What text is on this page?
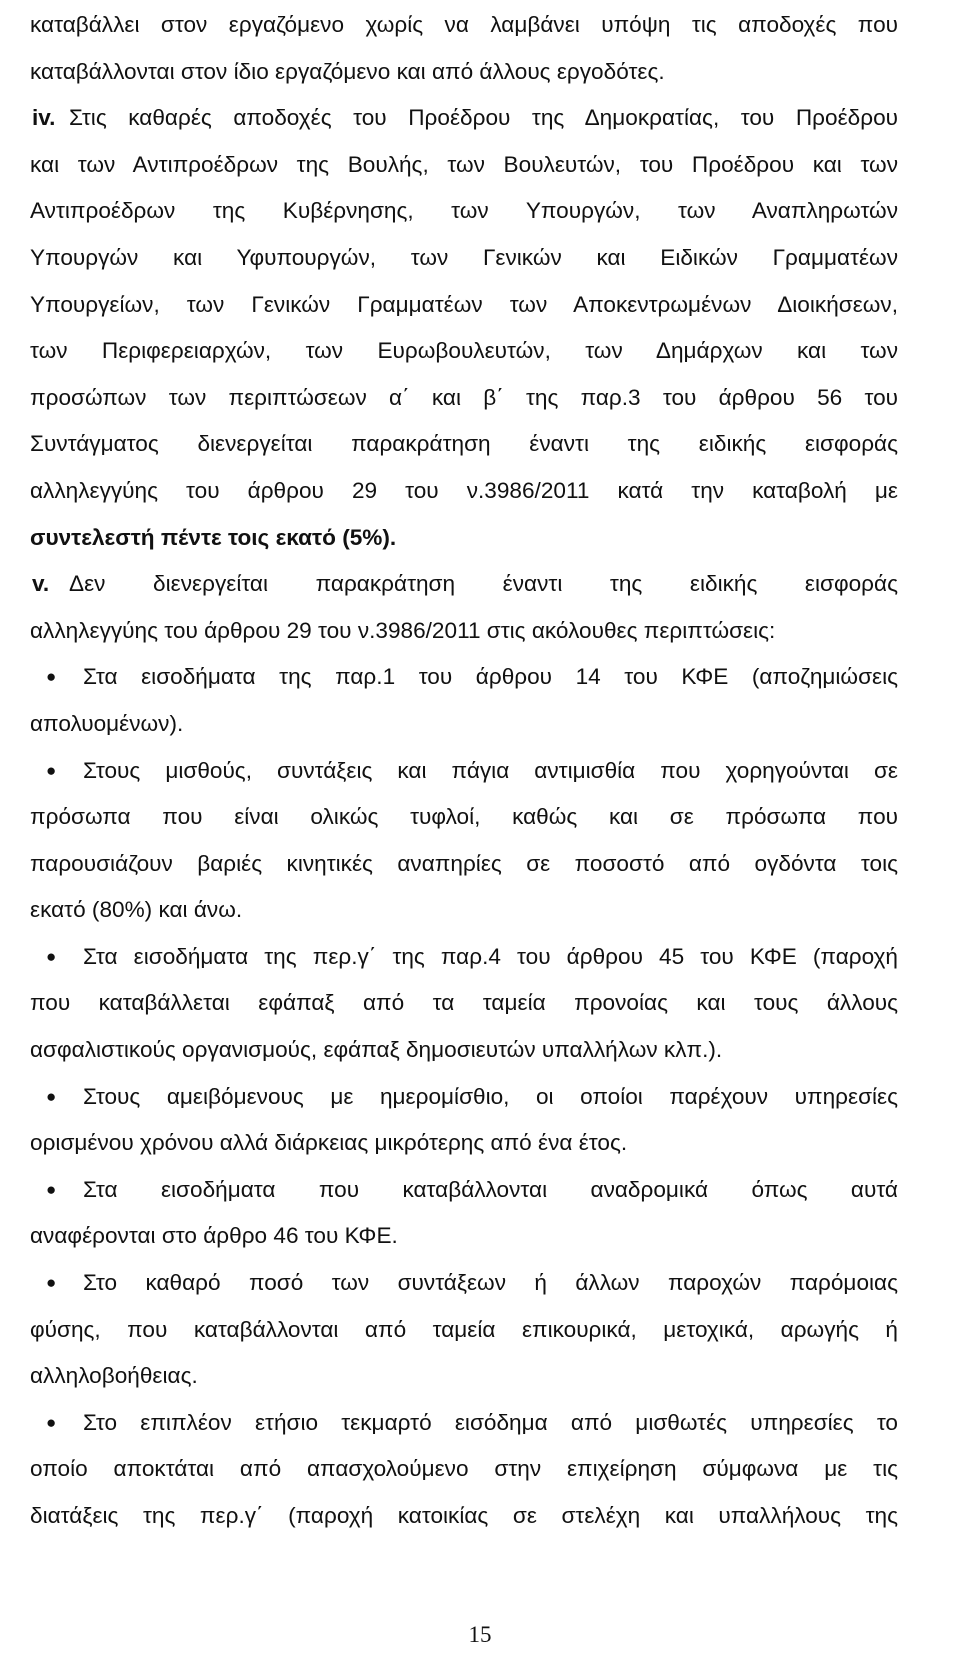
καταβάλλει στον εργαζόμενο χωρίς να λαμβάνει υπόψη τις αποδοχές που
καταβάλλονται στον ίδιο εργαζόμενο και από άλλους εργοδότες.
iv. Στις καθαρές αποδοχές του Προέδρου της Δημοκρατίας, του Προέδρου
και των Αντιπροέδρων της Βουλής, των Βουλευτών, του Προέδρου και των
Αντιπροέδρων της Κυβέρνησης, των Υπουργών, των Αναπληρωτών
Υπουργών και Υφυπουργών, των Γενικών και Ειδικών Γραμματέων
Υπουργείων, των Γενικών Γραμματέων των Αποκεντρωμένων Διοικήσεων,
των Περιφερειαρχών, των Ευρωβουλευτών, των Δημάρχων και των
προσώπων των περιπτώσεων α΄ και β΄ της παρ.3 του άρθρου 56 του
Συντάγματος διενεργείται παρακράτηση έναντι της ειδικής εισφοράς
αλληλεγγύης του άρθρου 29 του ν.3986/2011 κατά την καταβολή με
συντελεστή πέντε τοις εκατό (5%).
v. Δεν διενεργείται παρακράτηση έναντι της ειδικής εισφοράς
αλληλεγγύης του άρθρου 29 του ν.3986/2011 στις ακόλουθες περιπτώσεις:
●Στα εισοδήματα της παρ.1 του άρθρου 14 του ΚΦΕ (αποζημιώσεις
απολυομένων).
●Στους μισθούς, συντάξεις και πάγια αντιμισθία που χορηγούνται σε
πρόσωπα που είναι ολικώς τυφλοί, καθώς και σε πρόσωπα που
παρουσιάζουν βαριές κινητικές αναπηρίες σε ποσοστό από ογδόντα τοις
εκατό (80%) και άνω.
●Στα εισοδήματα της περ.γ΄ της παρ.4 του άρθρου 45 του ΚΦΕ (παροχή
που καταβάλλεται εφάπαξ από τα ταμεία προνοίας και τους άλλους
ασφαλιστικούς οργανισμούς, εφάπαξ δημοσιευτών υπαλλήλων κλπ.).
●Στους αμειβόμενους με ημερομίσθιο, οι οποίοι παρέχουν υπηρεσίες
ορισμένου χρόνου αλλά διάρκειας μικρότερης από ένα έτος.
●Στα εισοδήματα που καταβάλλονται αναδρομικά όπως αυτά
αναφέρονται στο άρθρο 46 του ΚΦΕ.
●Στο καθαρό ποσό των συντάξεων ή άλλων παροχών παρόμοιας
φύσης, που καταβάλλονται από ταμεία επικουρικά, μετοχικά, αρωγής ή
αλληλοβοήθειας.
●Στο επιπλέον ετήσιο τεκμαρτό εισόδημα από μισθωτές υπηρεσίες το
οποίο αποκτάται από απασχολούμενο στην επιχείρηση σύμφωνα με τις
διατάξεις της περ.γ΄ (παροχή κατοικίας σε στελέχη και υπαλλήλους της
15
